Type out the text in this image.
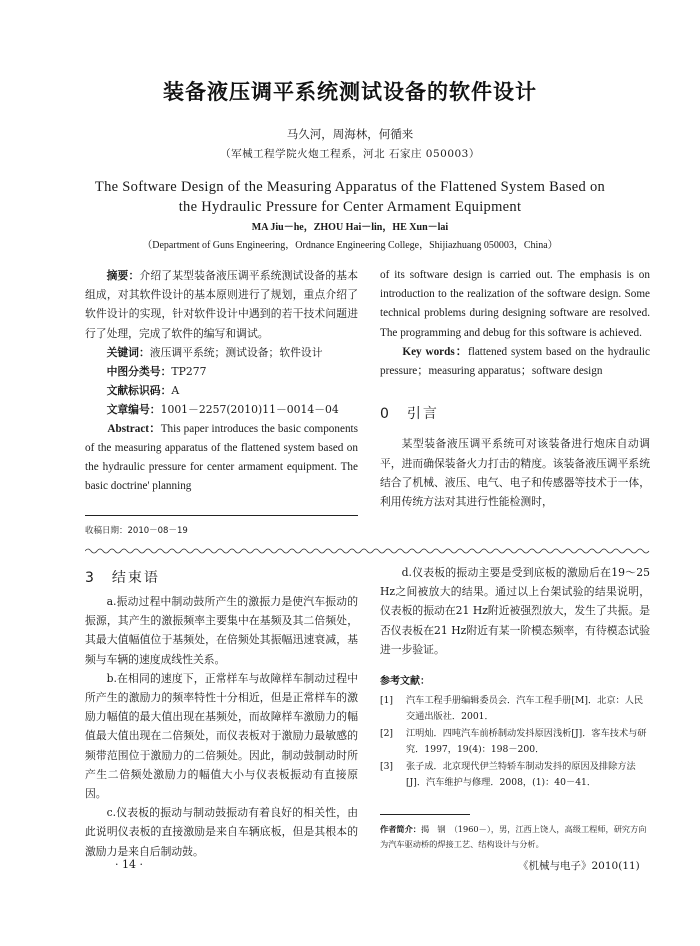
装备液压调平系统测试设备的软件设计
马久河，周海林，何循来
（军械工程学院火炮工程系，河北 石家庄 050003）
The Software Design of the Measuring Apparatus of the Flattened System Based on
the Hydraulic Pressure for Center Armament Equipment
MA Jiu－he，ZHOU Hai－lin，HE Xun－lai
（Department of Guns Engineering，Ordnance Engineering College，Shijiazhuang 050003，China）

摘要：介绍了某型装备液压调平系统测试设备的基本组成，对其软件设计的基本原则进行了规划，重点介绍了软件设计的实现，针对软件设计中遇到的若干技术问题进行了处理，完成了软件的编写和调试。

关键词：液压调平系统；测试设备；软件设计

中图分类号：TP277

文献标识码：A

文章编号：1001－2257(2010)11－0014－04

Abstract：This paper introduces the basic components of the measuring apparatus of the flattened system based on the hydraulic pressure for center armament equipment. The basic doctrine' planning

of its software design is carried out. The emphasis is on introduction to the realization of the software design. Some technical problems during designing software are resolved. The programming and debug for this software is achieved.

Key words：flattened system based on the hydraulic pressure；measuring apparatus；software design

0　引言

某型装备液压调平系统可对该装备进行炮床自动调平，进而确保装备火力打击的精度。该装备液压调平系统结合了机械、液压、电气、电子和传感器等技术于一体，利用传统方法对其进行性能检测时，

收稿日期：2010－08－19
3　结束语

a.振动过程中制动鼓所产生的激振力是使汽车振动的振源，其产生的激振频率主要集中在基频及其二倍频处，其最大值幅值位于基频处，在倍频处其振幅迅速衰减，基频与车辆的速度成线性关系。

b.在相同的速度下，正常样车与故障样车制动过程中所产生的激励力的频率特性十分相近，但是正常样车的激励力幅值的最大值出现在基频处，而故障样车激励力的幅值最大值出现在二倍频处，而仪表板对于激励力最敏感的频带范围位于激励力的二倍频处。因此，制动鼓制动时所产生二倍频处激励力的幅值大小与仪表板振动有直接原因。

c.仪表板的振动与制动鼓振动有着良好的相关性，由此说明仪表板的直接激励是来自车辆底板，但是其根本的激励力是来自后制动鼓。

d.仪表板的振动主要是受到底板的激励后在19～25 Hz之间被放大的结果。通过以上台架试验的结果说明，仪表板的振动在21 Hz附近被强烈放大，发生了共振。是否仪表板在21 Hz附近有某一阶模态频率，有待模态试验进一步验证。

参考文献：
[1]	汽车工程手册编辑委员会．汽车工程手册[M]．北京：人民交通出版社．2001．
[2]	江明灿．四吨汽车前桥制动发抖原因浅析[J]．客车技术与研究．1997，19(4)：198－200．
[3]	张子成．北京现代伊兰特轿车制动发抖的原因及排除方法[J]．汽车维护与修理．2008，(1)：40－41．
作者简介：揭　钢　（1960－），男，江西上饶人，高级工程师，研究方向为汽车驱动桥的焊接工艺、结构设计与分析。
· 14 ·	《机械与电子》2010(11)
